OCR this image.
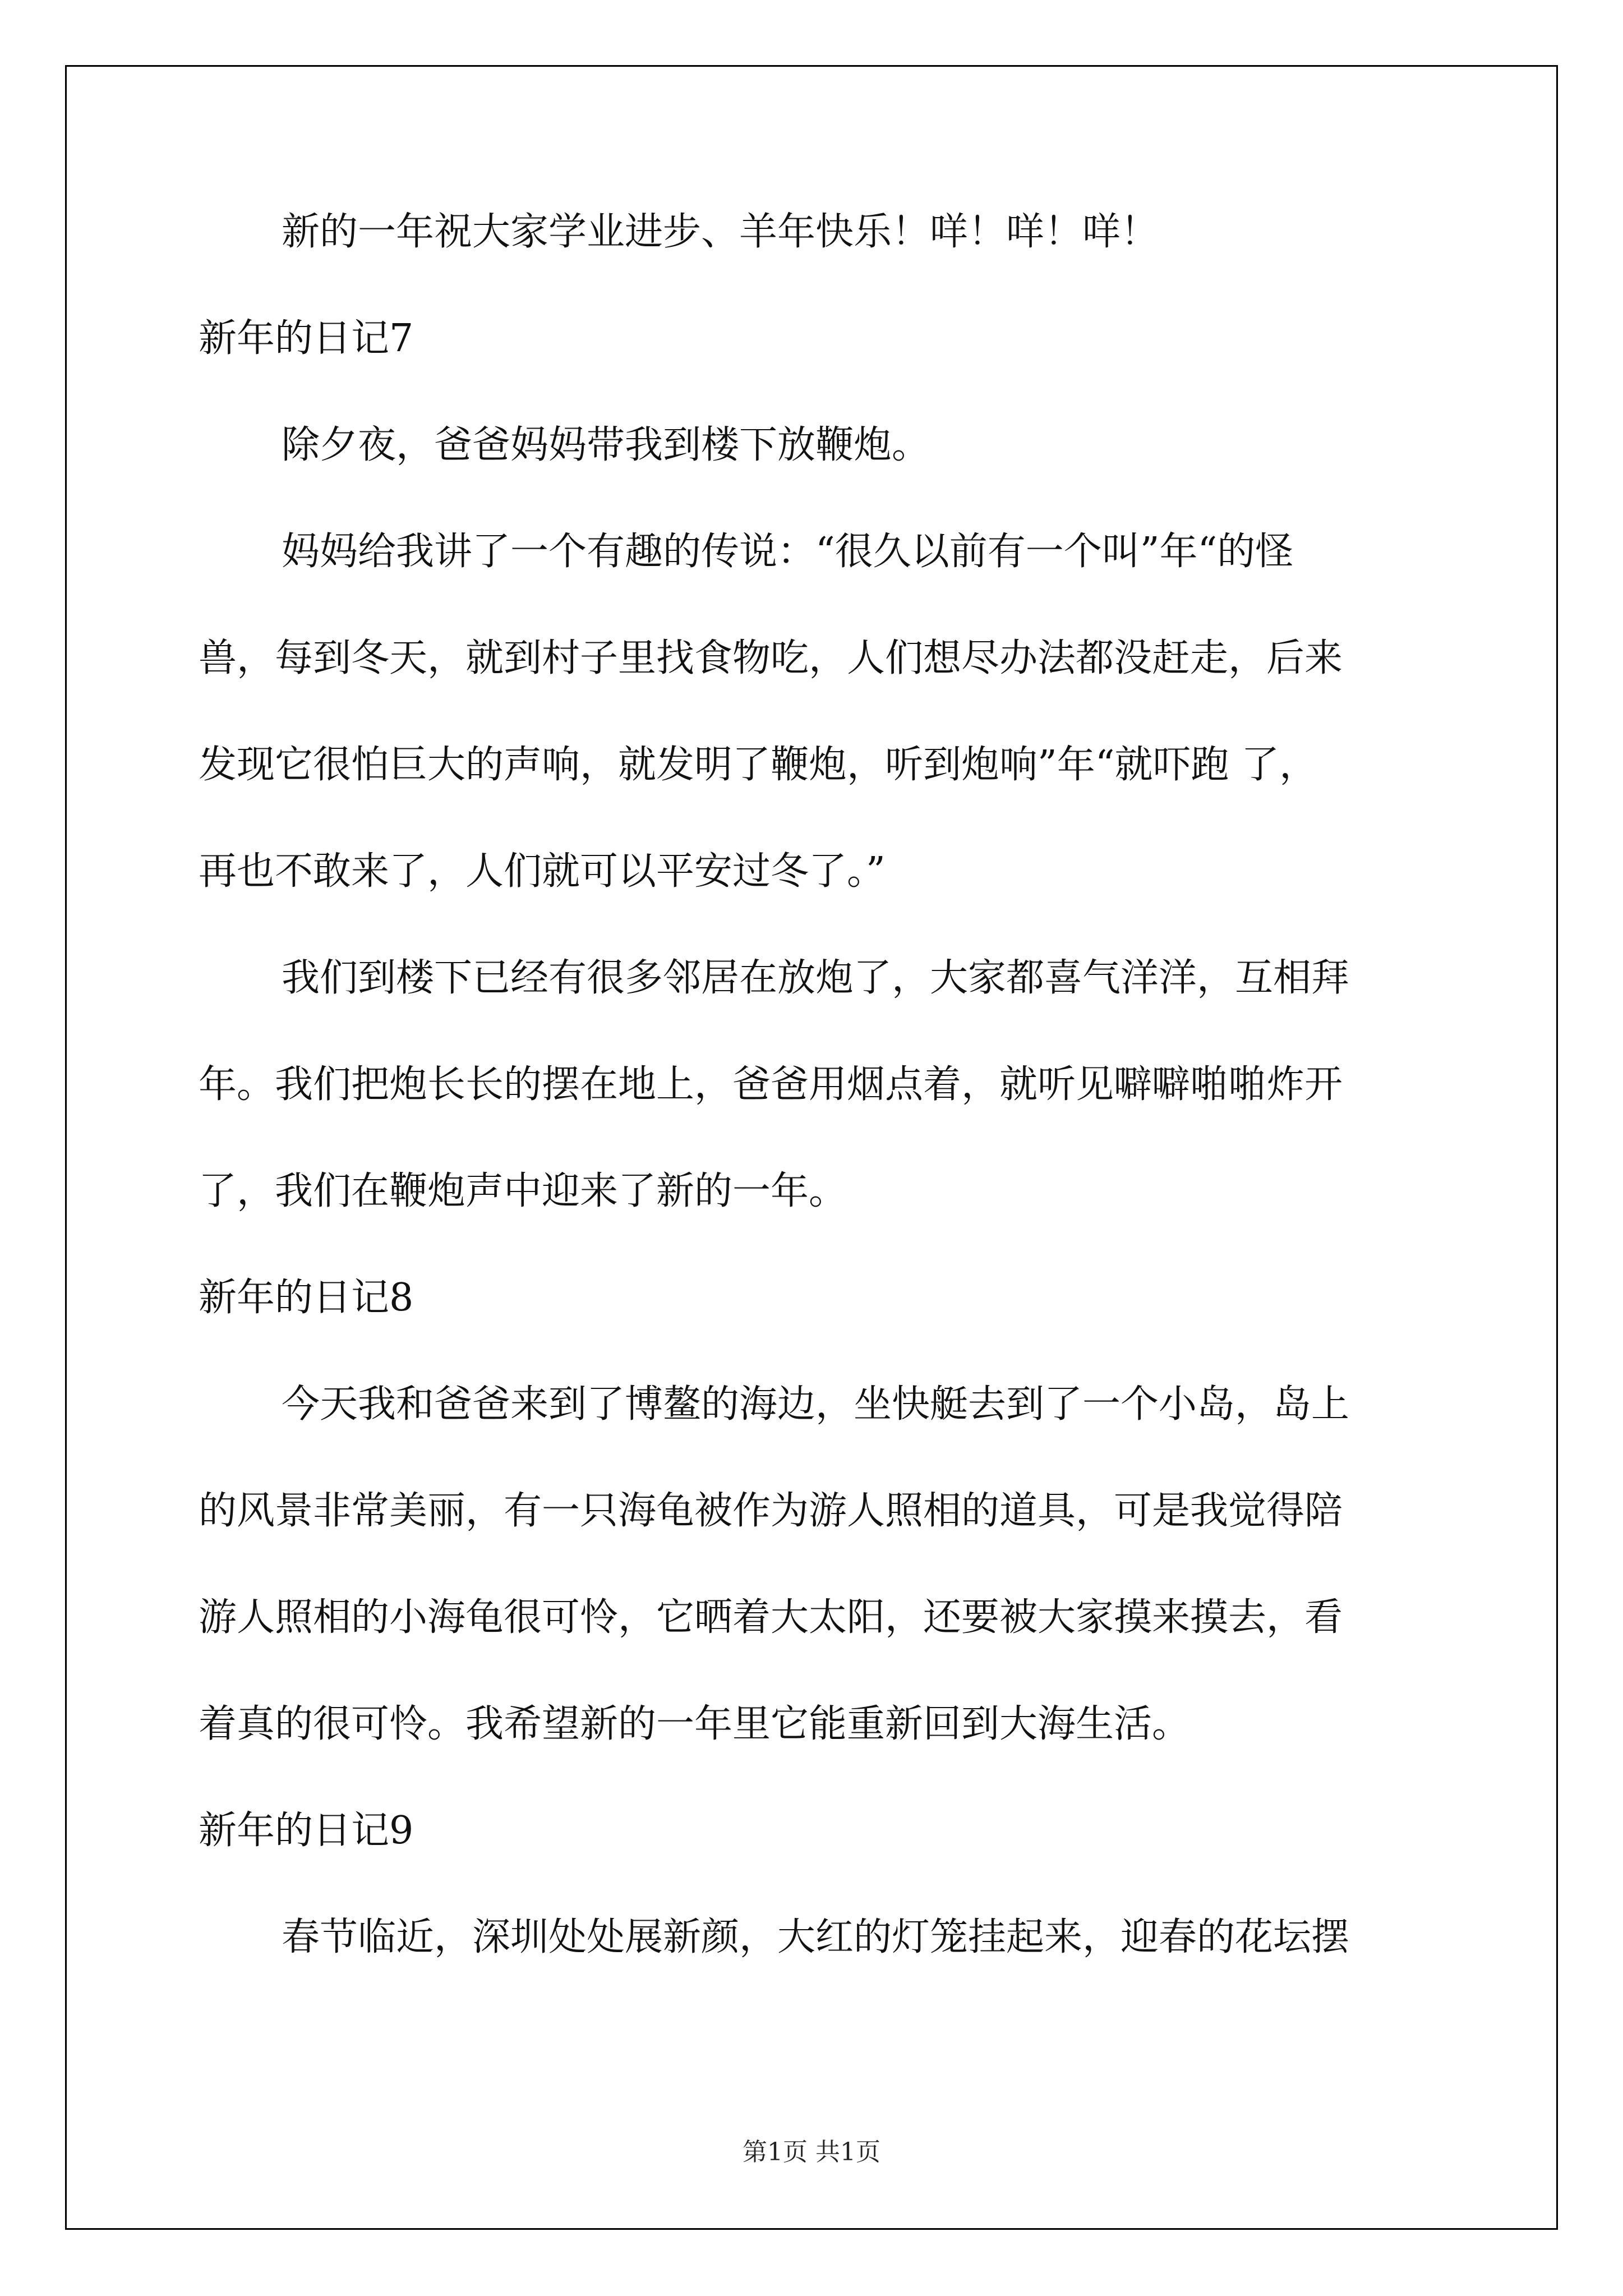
新的一年祝大家学业进步、羊年快乐！咩！咩！咩！
新年的日记7
除夕夜，爸爸妈妈带我到楼下放鞭炮。
妈妈给我讲了一个有趣的传说：“很久以前有一个叫”年“的怪
兽，每到冬天，就到村子里找食物吃，人们想尽办法都没赶走，后来
发现它很怕巨大的声响，就发明了鞭炮，听到炮响”年“就吓跑 了，
再也不敢来了，人们就可以平安过冬了。”
我们到楼下已经有很多邻居在放炮了，大家都喜气洋洋，互相拜
年。我们把炮长长的摆在地上，爸爸用烟点着，就听见噼噼啪啪炸开
了，我们在鞭炮声中迎来了新的一年。
新年的日记8
今天我和爸爸来到了博鳌的海边，坐快艇去到了一个小岛，岛上
的风景非常美丽，有一只海龟被作为游人照相的道具，可是我觉得陪
游人照相的小海龟很可怜，它晒着大太阳，还要被大家摸来摸去，看
着真的很可怜。我希望新的一年里它能重新回到大海生活。
新年的日记9
春节临近，深圳处处展新颜，大红的灯笼挂起来，迎春的花坛摆
第1页 共1页
